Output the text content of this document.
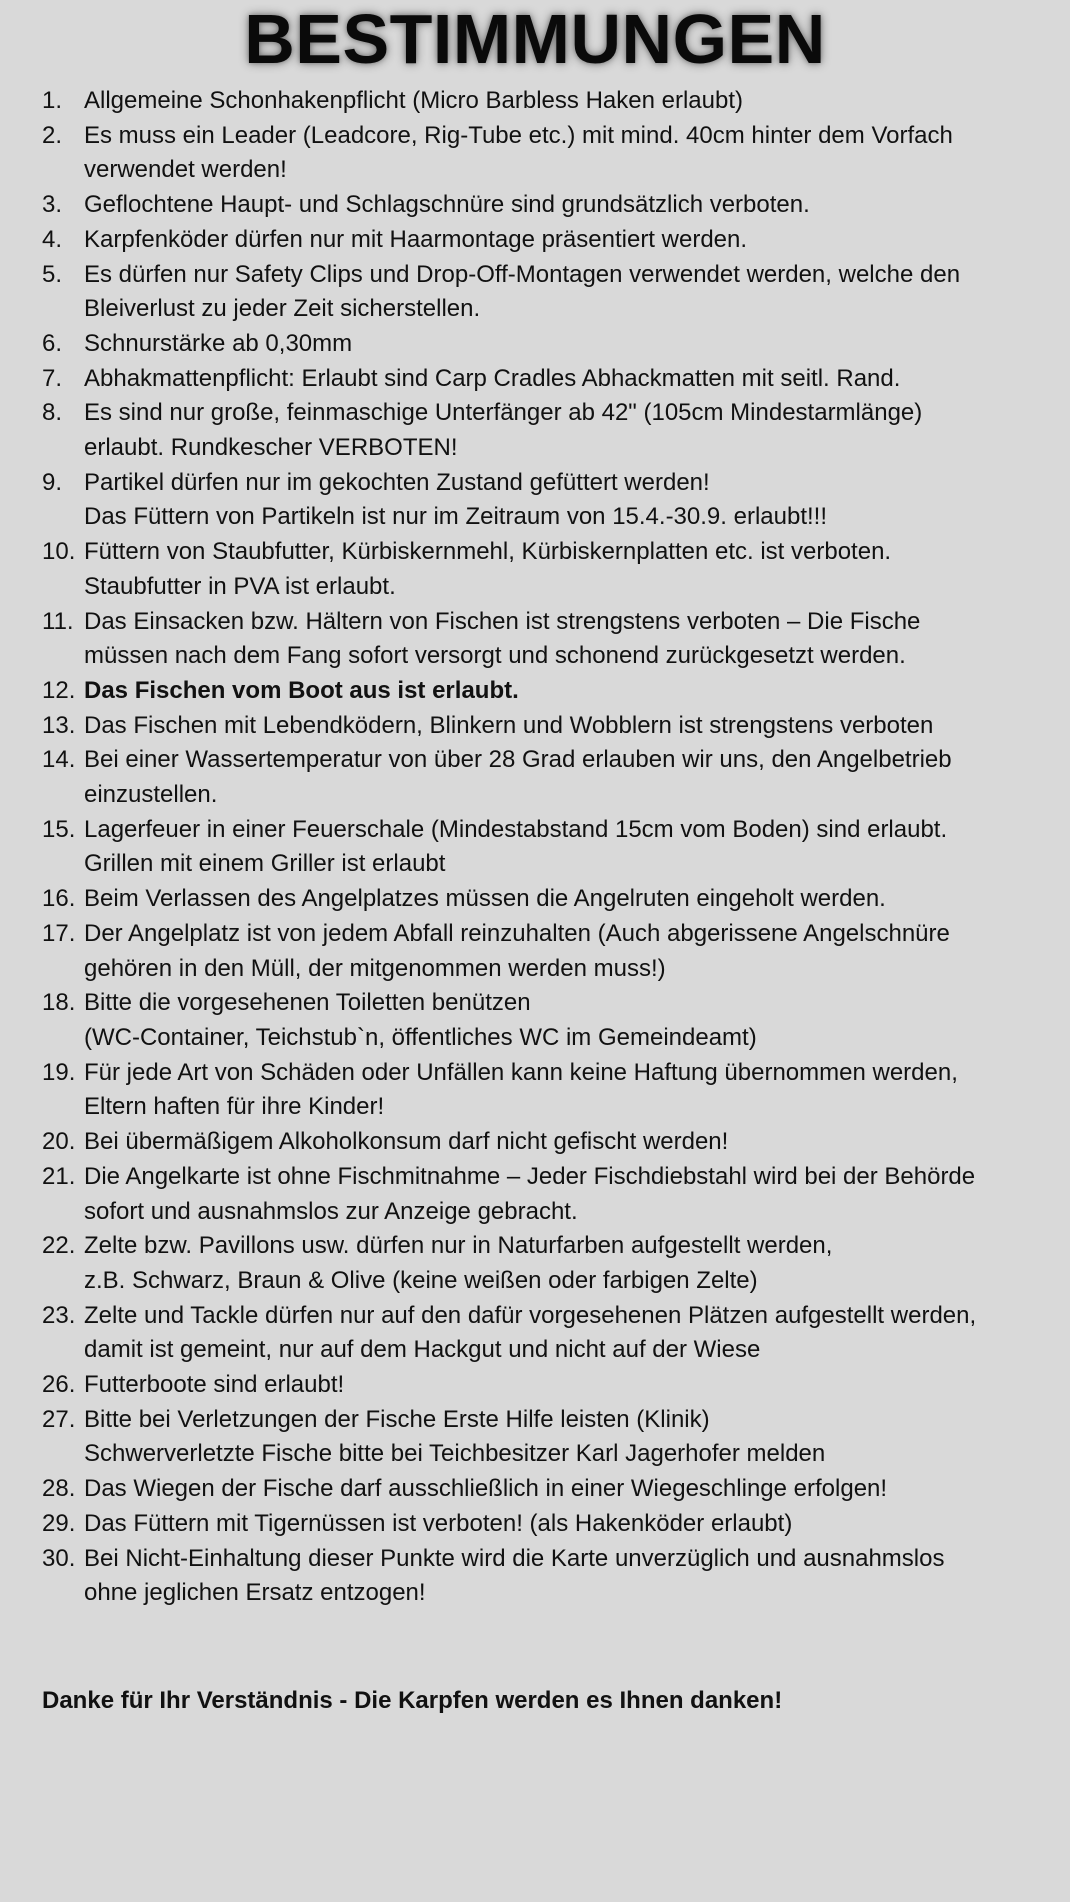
BESTIMMUNGEN
1. Allgemeine Schonhakenpflicht (Micro Barbless Haken erlaubt)
2. Es muss ein Leader (Leadcore, Rig-Tube etc.) mit mind. 40cm hinter dem Vorfach
verwendet werden!
3. Geflochtene Haupt- und Schlagschnüre sind grundsätzlich verboten.
4. Karpfenköder dürfen nur mit Haarmontage präsentiert werden.
5. Es dürfen nur Safety Clips und Drop-Off-Montagen verwendet werden, welche den
Bleiverlust zu jeder Zeit sicherstellen.
6. Schnurstärke ab 0,30mm
7. Abhakmattenpflicht: Erlaubt sind Carp Cradles Abhackmatten mit seitl. Rand.
8. Es sind nur große, feinmaschige Unterfänger ab 42" (105cm Mindestarmlänge)
erlaubt. Rundkescher VERBOTEN!
9. Partikel dürfen nur im gekochten Zustand gefüttert werden!
Das Füttern von Partikeln ist nur im Zeitraum von 15.4.-30.9. erlaubt!!!
10. Füttern von Staubfutter, Kürbiskernmehl, Kürbiskernplatten etc. ist verboten.
Staubfutter in PVA ist erlaubt.
11. Das Einsacken bzw. Hältern von Fischen ist strengstens verboten – Die Fische
müssen nach dem Fang sofort versorgt und schonend zurückgesetzt werden.
12. Das Fischen vom Boot aus ist erlaubt.
13. Das Fischen mit Lebendködern, Blinkern und Wobblern ist strengstens verboten
14. Bei einer Wassertemperatur von über 28 Grad erlauben wir uns, den Angelbetrieb
einzustellen.
15. Lagerfeuer in einer Feuerschale (Mindestabstand 15cm vom Boden) sind erlaubt.
Grillen mit einem Griller ist erlaubt
16. Beim Verlassen des Angelplatzes müssen die Angelruten eingeholt werden.
17. Der Angelplatz ist von jedem Abfall reinzuhalten (Auch abgerissene Angelschnüre
gehören in den Müll, der mitgenommen werden muss!)
18. Bitte die vorgesehenen Toiletten benützen
(WC-Container, Teichstub`n, öffentliches WC im Gemeindeamt)
19. Für jede Art von Schäden oder Unfällen kann keine Haftung übernommen werden,
Eltern haften für ihre Kinder!
20. Bei übermäßigem Alkoholkonsum darf nicht gefischt werden!
21. Die Angelkarte ist ohne Fischmitnahme – Jeder Fischdiebstahl wird bei der Behörde
sofort und ausnahmslos zur Anzeige gebracht.
22. Zelte bzw. Pavillons usw. dürfen nur in Naturfarben aufgestellt werden,
z.B. Schwarz, Braun & Olive (keine weißen oder farbigen Zelte)
23. Zelte und Tackle dürfen nur auf den dafür vorgesehenen Plätzen aufgestellt werden,
damit ist gemeint, nur auf dem Hackgut und nicht auf der Wiese
26. Futterboote sind erlaubt!
27. Bitte bei Verletzungen der Fische Erste Hilfe leisten (Klinik)
Schwerverletzte Fische bitte bei Teichbesitzer Karl Jagerhofer melden
28. Das Wiegen der Fische darf ausschließlich in einer Wiegeschlinge erfolgen!
29. Das Füttern mit Tigernüssen ist verboten! (als Hakenköder erlaubt)
30. Bei Nicht-Einhaltung dieser Punkte wird die Karte unverzüglich und ausnahmslos
ohne jeglichen Ersatz entzogen!

Danke für Ihr Verständnis - Die Karpfen werden es Ihnen danken!
